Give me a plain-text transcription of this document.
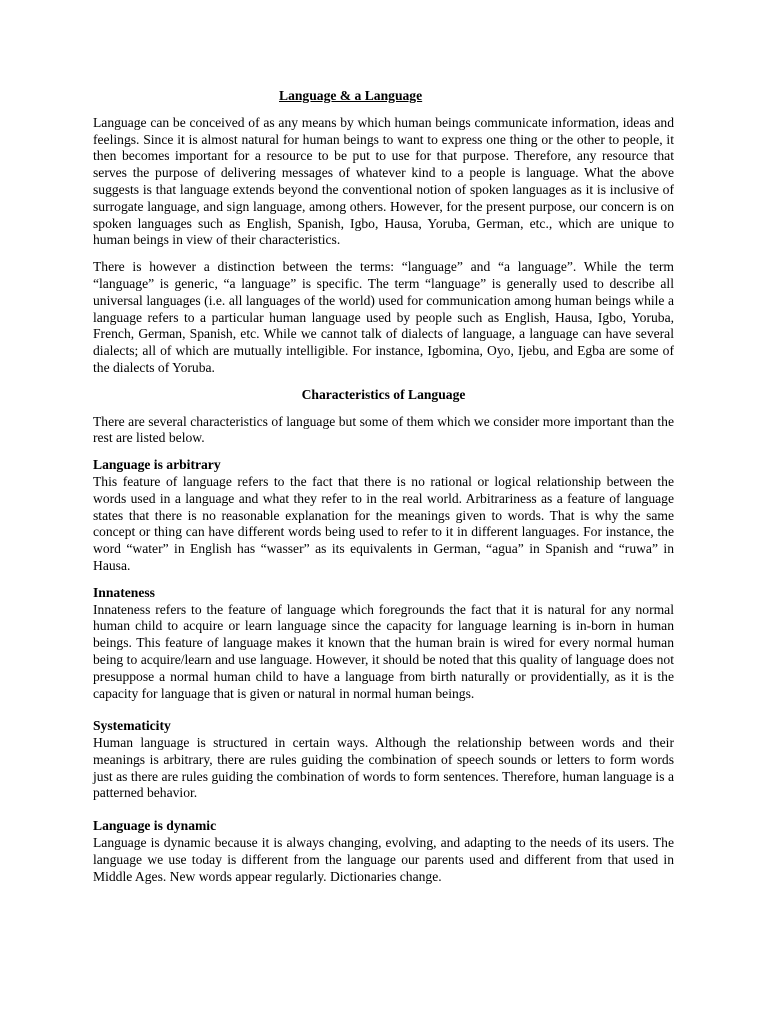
Language & a Language

Language can be conceived of as any means by which human beings communicate information, ideas and feelings. Since it is almost natural for human beings to want to express one thing or the other to people, it then becomes important for a resource to be put to use for that purpose. Therefore, any resource that serves the purpose of delivering messages of whatever kind to a people is language. What the above suggests is that language extends beyond the conventional notion of spoken languages as it is inclusive of surrogate language, and sign language, among others. However, for the present purpose, our concern is on spoken languages such as English, Spanish, Igbo, Hausa, Yoruba, German, etc., which are unique to human beings in view of their characteristics.

There is however a distinction between the terms: “language” and “a language”. While the term “language” is generic, “a language” is specific. The term “language” is generally used to describe all universal languages (i.e. all languages of the world) used for communication among human beings while a language refers to a particular human language used by people such as English, Hausa, Igbo, Yoruba, French, German, Spanish, etc. While we cannot talk of dialects of language, a language can have several dialects; all of which are mutually intelligible. For instance, Igbomina, Oyo, Ijebu, and Egba are some of the dialects of Yoruba.

Characteristics of Language

There are several characteristics of language but some of them which we consider more important than the rest are listed below.

Language is arbitrary

This feature of language refers to the fact that there is no rational or logical relationship between the words used in a language and what they refer to in the real world. Arbitrariness as a feature of language states that there is no reasonable explanation for the meanings given to words. That is why the same concept or thing can have different words being used to refer to it in different languages. For instance, the word “water” in English has “wasser” as its equivalents in German, “agua” in Spanish and “ruwa” in Hausa.

Innateness

Innateness refers to the feature of language which foregrounds the fact that it is natural for any normal human child to acquire or learn language since the capacity for language learning is in-born in human beings. This feature of language makes it known that the human brain is wired for every normal human being to acquire/learn and use language. However, it should be noted that this quality of language does not presuppose a normal human child to have a language from birth naturally or providentially, as it is the capacity for language that is given or natural in normal human beings.

Systematicity

Human language is structured in certain ways. Although the relationship between words and their meanings is arbitrary, there are rules guiding the combination of speech sounds or letters to form words just as there are rules guiding the combination of words to form sentences. Therefore, human language is a patterned behavior.

Language is dynamic

Language is dynamic because it is always changing, evolving, and adapting to the needs of its users. The language we use today is different from the language our parents used and different from that used in Middle Ages. New words appear regularly. Dictionaries change.
